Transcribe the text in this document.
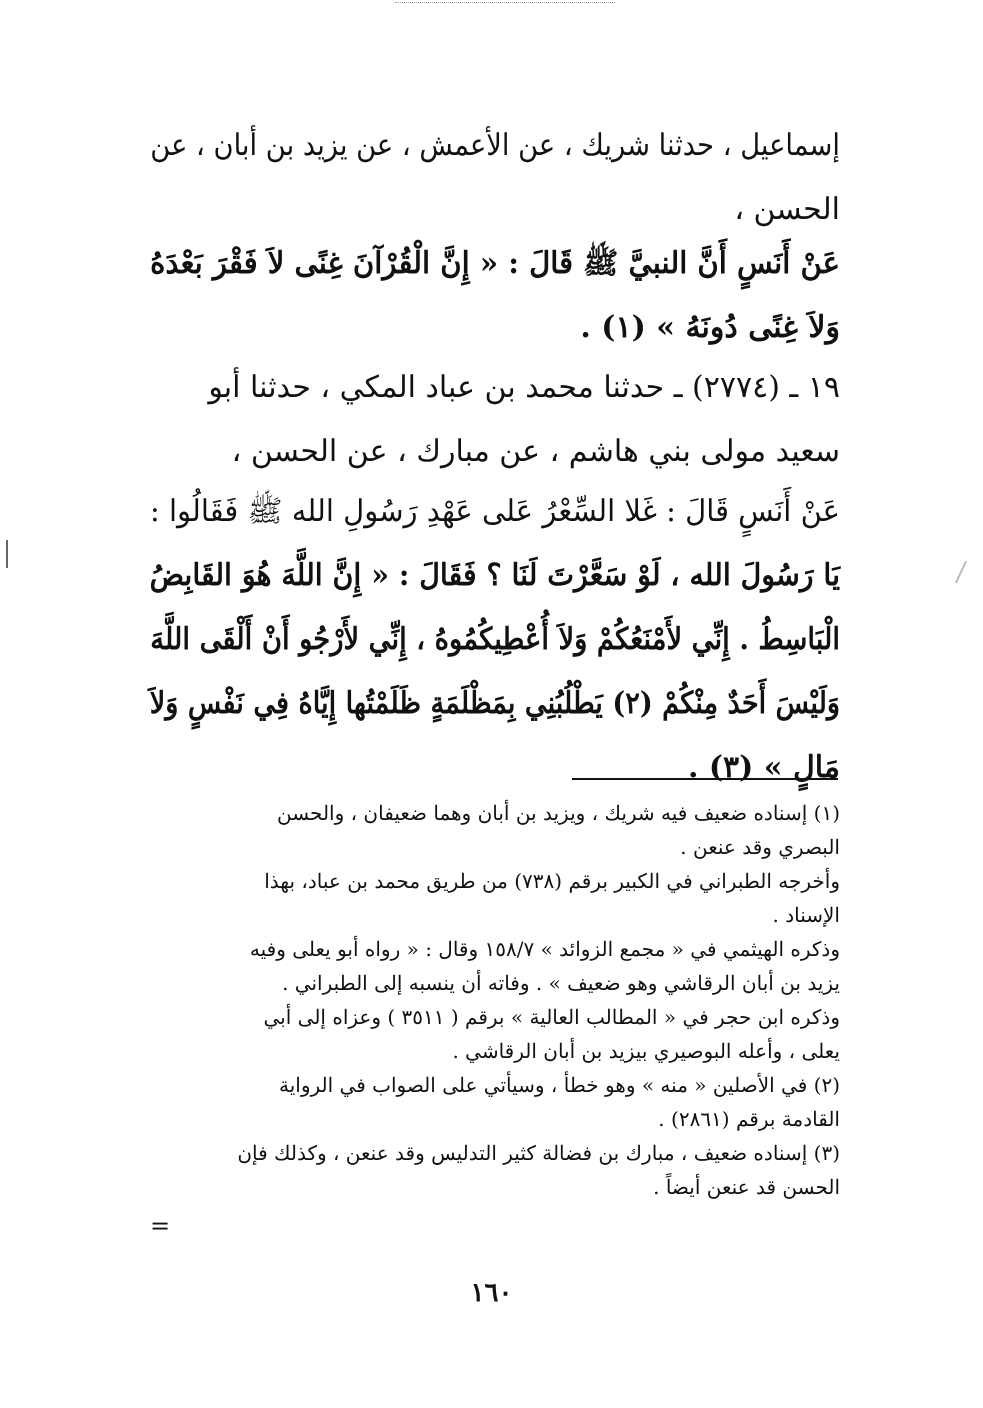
إسماعيل ، حدثنا شريك ، عن الأعمش ، عن يزيد بن أبان ، عن
الحسن ،
عَنْ أَنَسٍ أَنَّ النبيَّ ﷺ قَالَ : « إِنَّ الْقُرْآنَ غِنًى لاَ فَقْرَ بَعْدَهُ
وَلاَ غِنًى دُونَهُ » (١) .
١٩ ـ (٢٧٧٤) ـ حدثنا محمد بن عباد المكي ، حدثنا أبو
سعيد مولى بني هاشم ، عن مبارك ، عن الحسن ،
عَنْ أَنَسٍ قَالَ : غَلا السِّعْرُ عَلى عَهْدِ رَسُولِ الله ﷺ فَقَالُوا :
يَا رَسُولَ الله ، لَوْ سَعَّرْتَ لَنَا ؟ فَقَالَ : « إِنَّ اللَّهَ هُوَ القَابِضُ
الْبَاسِطُ . إِنِّي لأَمْنَعُكُمْ وَلاَ أُعْطِيكُمُوهُ ، إِنِّي لأَرْجُو أَنْ أَلْقَى اللَّهَ
وَلَيْسَ أَحَدٌ مِنْكُمْ (٢) يَطْلُبُنِي بِمَظْلَمَةٍ ظَلَمْتُها إِيَّاهُ فِي نَفْسٍ وَلاَ
مَالٍ » (٣) .
(١) إسناده ضعيف فيه شريك ، ويزيد بن أبان وهما ضعيفان ، والحسن
البصري وقد عنعن .
وأخرجه الطبراني في الكبير برقم (٧٣٨) من طريق محمد بن عباد، بهذا
الإسناد .
وذكره الهيثمي في « مجمع الزوائد » ١٥٨/٧ وقال : « رواه أبو يعلى وفيه
يزيد بن أبان الرقاشي وهو ضعيف » . وفاته أن ينسبه إلى الطبراني .
وذكره ابن حجر في « المطالب العالية » برقم ( ٣٥١١ ) وعزاه إلى أبي
يعلى ، وأعله البوصيري بيزيد بن أبان الرقاشي .
(٢) في الأصلين « منه » وهو خطأ ، وسيأتي على الصواب في الرواية
القادمة برقم (٢٨٦١) .
(٣) إسناده ضعيف ، مبارك بن فضالة كثير التدليس وقد عنعن ، وكذلك فإن
الحسن قد عنعن أيضاً .
=
١٦٠
